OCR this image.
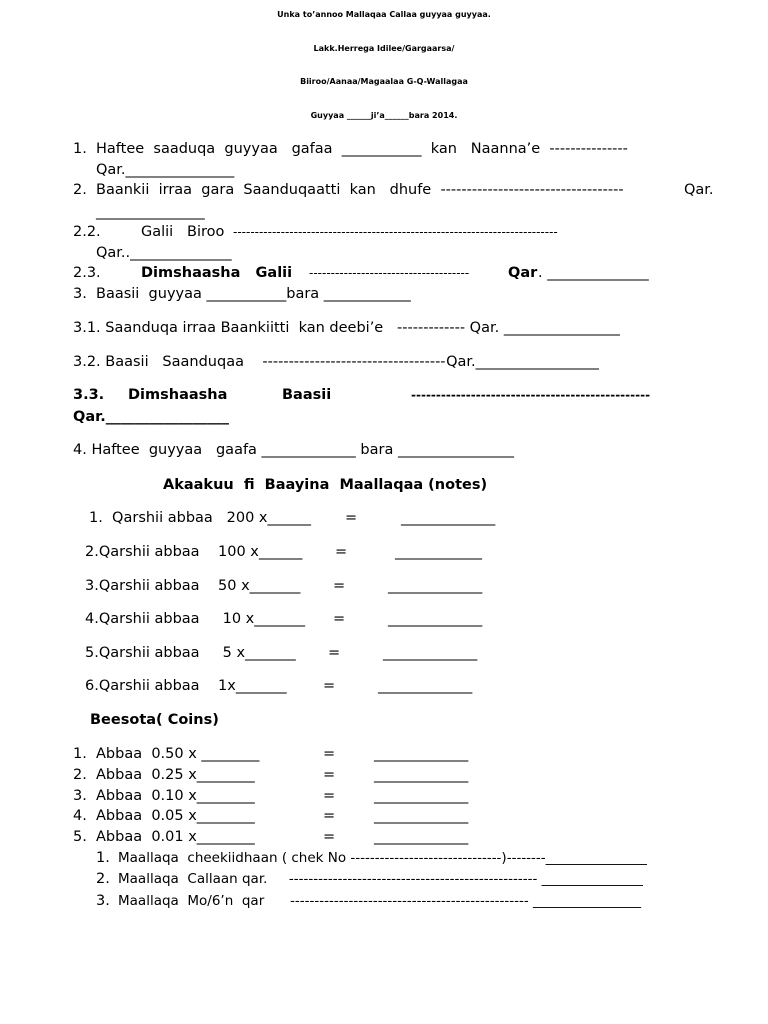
Unka to’annoo Mallaqaa Callaa guyyaa guyyaa.
Lakk.Herrega Idilee/Gargaarsa/
Biiroo/Aanaa/Magaalaa G-Q-Wallagaa
Guyyaa ______ji’a______bara 2014.
1. Haftee  saaduqa  guyyaa   gafaa  ___________  kan   Naanna’e  ---------------
Qar._______________
2. Baankii  irraa  gara  Saanduqaatti  kan   dhufe  -----------------------------------	Qar.
_______________
2.2.	Galii   Biroo ---------------------------------------------------------------------------
Qar..______________
2.3.	Dimshaasha   Galii -------------------------------------	Qar . ______________
3. Baasii  guyyaa ___________bara ____________
3.1. Saanduqa irraa Baankiitti  kan deebi’e   ------------- Qar. ________________
3.2. Baasii   Saanduqaa    -----------------------------------Qar._________________
3.3. Dimshaasha	Baasii	------------------------------------------------
Qar._________________
4. Haftee  guyyaa   gaafa _____________ bara ________________
Akaakuu  fi  Baayina  Maallaqaa (notes)
1.  Qarshii abbaa   200 x______ =	_____________
2.Qarshii abbaa    100 x______ =	____________
3.Qarshii abbaa    50 x_______ =	_____________
4.Qarshii abbaa     10 x_______ =	_____________
5.Qarshii abbaa     5 x_______ =	_____________
6.Qarshii abbaa    1x_______	=	_____________
Beesota( Coins)
1. Abbaa  0.50 x ________	=	_____________
2. Abbaa  0.25 x________	=	_____________
3. Abbaa  0.10 x________	=	_____________
4. Abbaa  0.05 x________	=	_____________
5. Abbaa  0.01 x________	=	_____________
1. Maallaqa  cheekiidhaan ( chek No -------------------------------)--------_______________
2. Maallaqa  Callaan qar.     --------------------------------------------------- _______________
3. Maallaqa  Mo/6’n  qar      ------------------------------------------------- ________________
